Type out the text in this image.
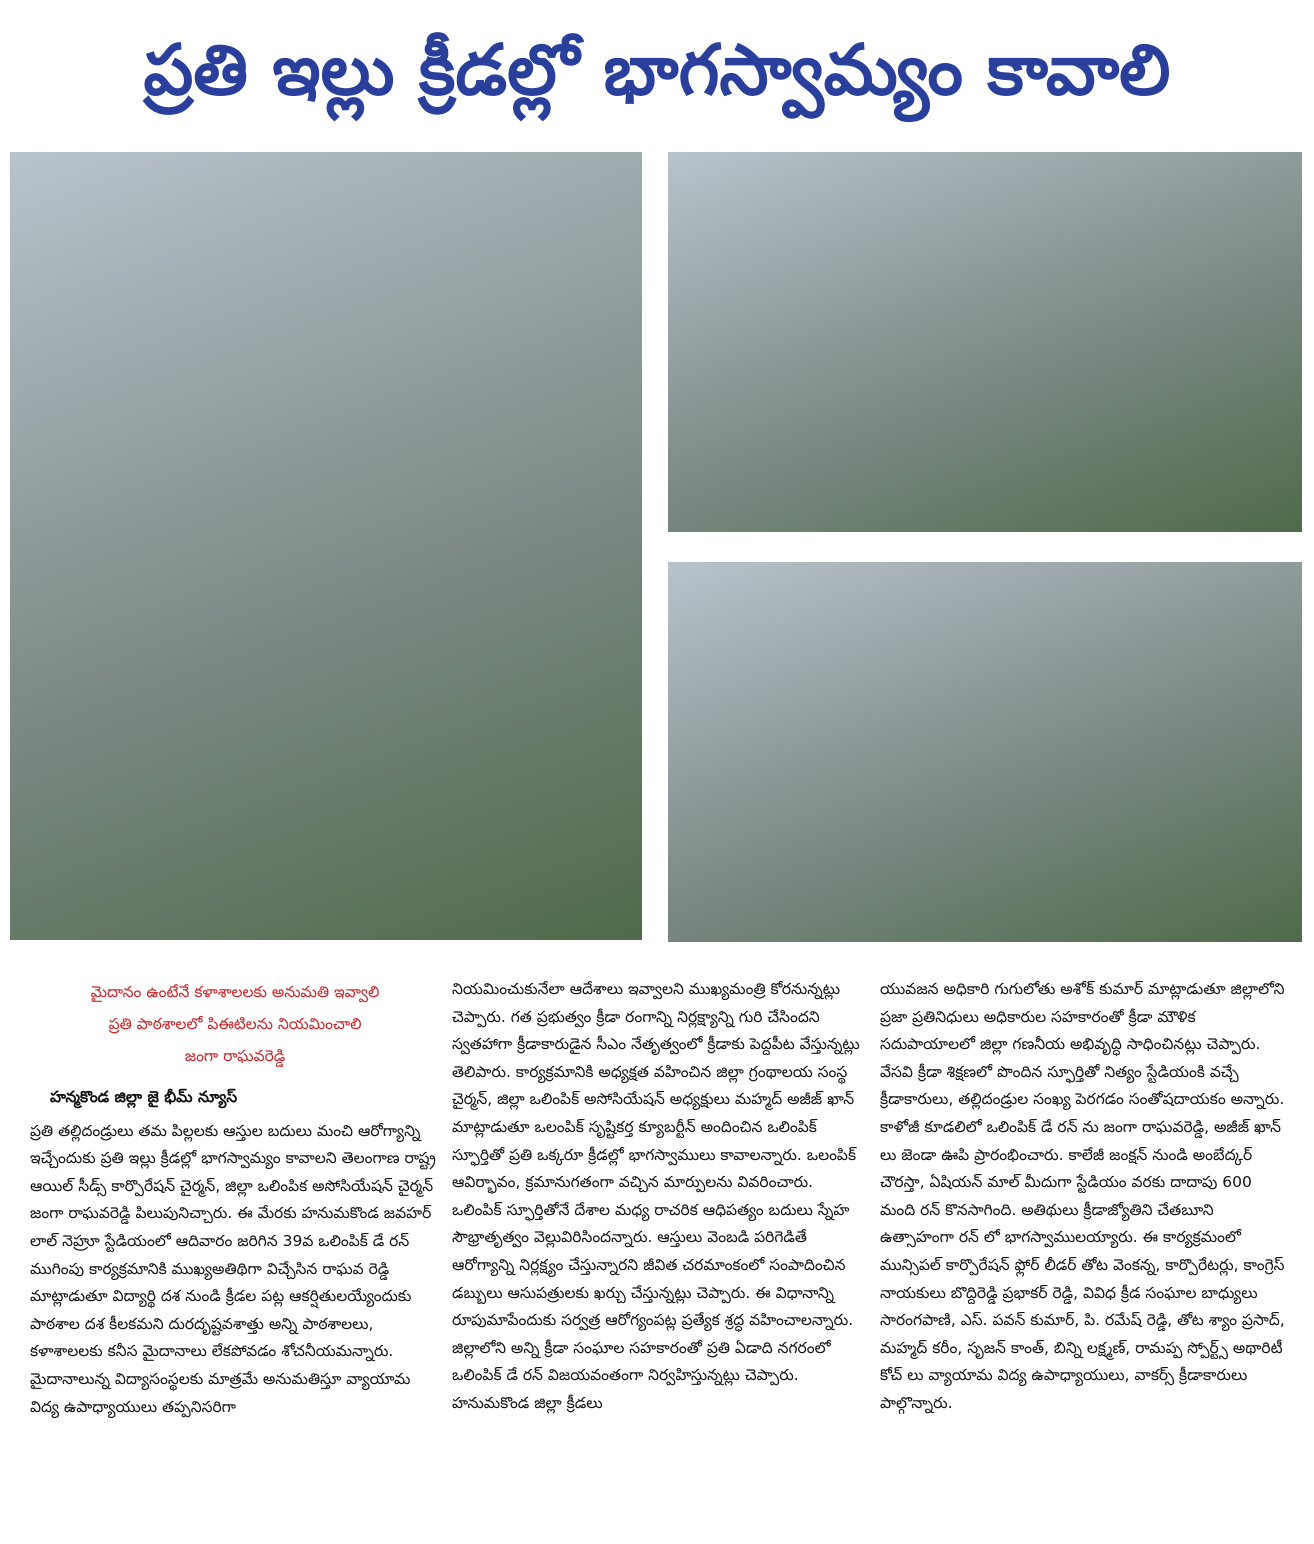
ప్రతి ఇల్లు క్రీడల్లో భాగస్వామ్యం కావాలి
మైదానం ఉంటేనే కళాశాలలకు అనుమతి ఇవ్వాలి
ప్రతి పాఠశాలలో పిఈటిలను నియమించాలి
జంగా రాఘవరెడ్డి
హన్మకొండ జిల్లా జై భీమ్ న్యూస్

ప్రతి తల్లిదండ్రులు తమ పిల్లలకు ఆస్తుల బదులు మంచి ఆరోగ్యాన్ని ఇచ్చేందుకు ప్రతి ఇల్లు క్రీడల్లో భాగస్వామ్యం కావాలని తెలంగాణ రాష్ట్ర ఆయిల్ సీడ్స్ కార్పొరేషన్ చైర్మన్, జిల్లా ఒలింపిక అసోసియేషన్ చైర్మన్ జంగా రాఘవరెడ్డి పిలుపునిచ్చారు. ఈ మేరకు హనుమకొండ జవహర్ లాల్ నెహ్రూ స్టేడియంలో ఆదివారం జరిగిన 39వ ఒలింపిక్ డే రన్ ముగింపు కార్యక్రమానికి ముఖ్యఅతిథిగా విచ్చేసిన రాఘవ రెడ్డి మాట్లాడుతూ విద్యార్థి దశ నుండి క్రీడల పట్ల ఆకర్షితులయ్యేందుకు పాఠశాల దశ కీలకమని దురదృష్టవశాత్తు అన్ని పాఠశాలలు, కళాశాలలకు కనీస మైదానాలు లేకపోవడం శోచనీయమన్నారు. మైదానాలున్న విద్యాసంస్థలకు మాత్రమే అనుమతిస్తూ వ్యాయామ విద్య ఉపాధ్యాయులు తప్పనిసరిగా

నియమించుకునేలా ఆదేశాలు ఇవ్వాలని ముఖ్యమంత్రి కోరనున్నట్లు చెప్పారు. గత ప్రభుత్వం క్రీడా రంగాన్ని నిర్లక్ష్యాన్ని గురి చేసిందని స్వతహాగా క్రీడాకారుడైన సీఎం నేతృత్వంలో క్రీడాకు పెద్దపీట వేస్తున్నట్లు తెలిపారు. కార్యక్రమానికి అధ్యక్షత వహించిన జిల్లా గ్రంథాలయ సంస్థ చైర్మన్, జిల్లా ఒలింపిక్ అసోసియేషన్ అధ్యక్షులు మహ్మద్ అజీజ్ ఖాన్ మాట్లాడుతూ ఒలంపిక్ సృష్టికర్త క్యూబర్టీన్ అందించిన ఒలింపిక్ స్ఫూర్తితో ప్రతి ఒక్కరూ క్రీడల్లో భాగస్వాములు కావాలన్నారు. ఒలంపిక్ ఆవిర్భావం, క్రమానుగతంగా వచ్చిన మార్పులను వివరించారు. ఒలింపిక్ స్ఫూర్తితోనే దేశాల మధ్య రాచరిక ఆధిపత్యం బదులు స్నేహ సౌభ్రాతృత్వం వెల్లువిరిసిందన్నారు. ఆస్తులు వెంబడి పరిగెడితే ఆరోగ్యాన్ని నిర్లక్ష్యం చేస్తున్నారని జీవిత చరమాంకంలో సంపాదించిన డబ్బులు ఆసుపత్రులకు ఖర్చు చేస్తున్నట్లు చెప్పారు. ఈ విధానాన్ని రూపుమాపేందుకు సర్వత్ర ఆరోగ్యంపట్ల ప్రత్యేక శ్రద్ధ వహించాలన్నారు. జిల్లాలోని అన్ని క్రీడా సంఘాల సహకారంతో ప్రతి ఏడాది నగరంలో ఒలింపిక్ డే రన్ విజయవంతంగా నిర్వహిస్తున్నట్లు చెప్పారు. హనుమకొండ జిల్లా క్రీడలు

యువజన అధికారి గుగులోతు అశోక్ కుమార్ మాట్లాడుతూ జిల్లాలోని ప్రజా ప్రతినిధులు అధికారుల సహకారంతో క్రీడా మౌళిక సదుపాయాలలో జిల్లా గణనీయ అభివృద్ధి సాధించినట్లు చెప్పారు. వేసవి క్రీడా శిక్షణలో పొందిన స్ఫూర్తితో నిత్యం స్టేడియంకి వచ్చే క్రీడాకారులు, తల్లిదండ్రుల సంఖ్య పెరగడం సంతోషదాయకం అన్నారు. కాళోజీ కూడలిలో ఒలింపిక్ డే రన్ ను జంగా రాఘవరెడ్డి, అజీజ్ ఖాన్ లు జెండా ఊపి ప్రారంభించారు. కాలేజీ జంక్షన్ నుండి అంబేద్కర్ చౌరస్తా, ఏషియన్ మాల్ మీదుగా స్టేడియం వరకు దాదాపు 600 మంది రన్ కొనసాగింది. అతిథులు క్రీడాజ్యోతిని చేతబూని ఉత్సాహంగా రన్ లో భాగస్వాములయ్యారు. ఈ కార్యక్రమంలో మున్సిపల్ కార్పొరేషన్ ఫ్లోర్ లీడర్ తోట వెంకన్న, కార్పొరేటర్లు, కాంగ్రెస్ నాయకులు బొద్దిరెడ్డి ప్రభాకర్ రెడ్డి, వివిధ క్రీడ సంఘాల బాధ్యులు సారంగపాణి, ఎస్. పవన్ కుమార్, పి. రమేష్ రెడ్డి, తోట శ్యాం ప్రసాద్, మహ్మద్ కరీం, సృజన్ కాంత్, బిన్ని లక్ష్మణ్, రామప్ప స్పోర్ట్స్ అథారిటీ కోచ్ లు వ్యాయామ విద్య ఉపాధ్యాయులు, వాకర్స్ క్రీడాకారులు పాల్గొన్నారు.
